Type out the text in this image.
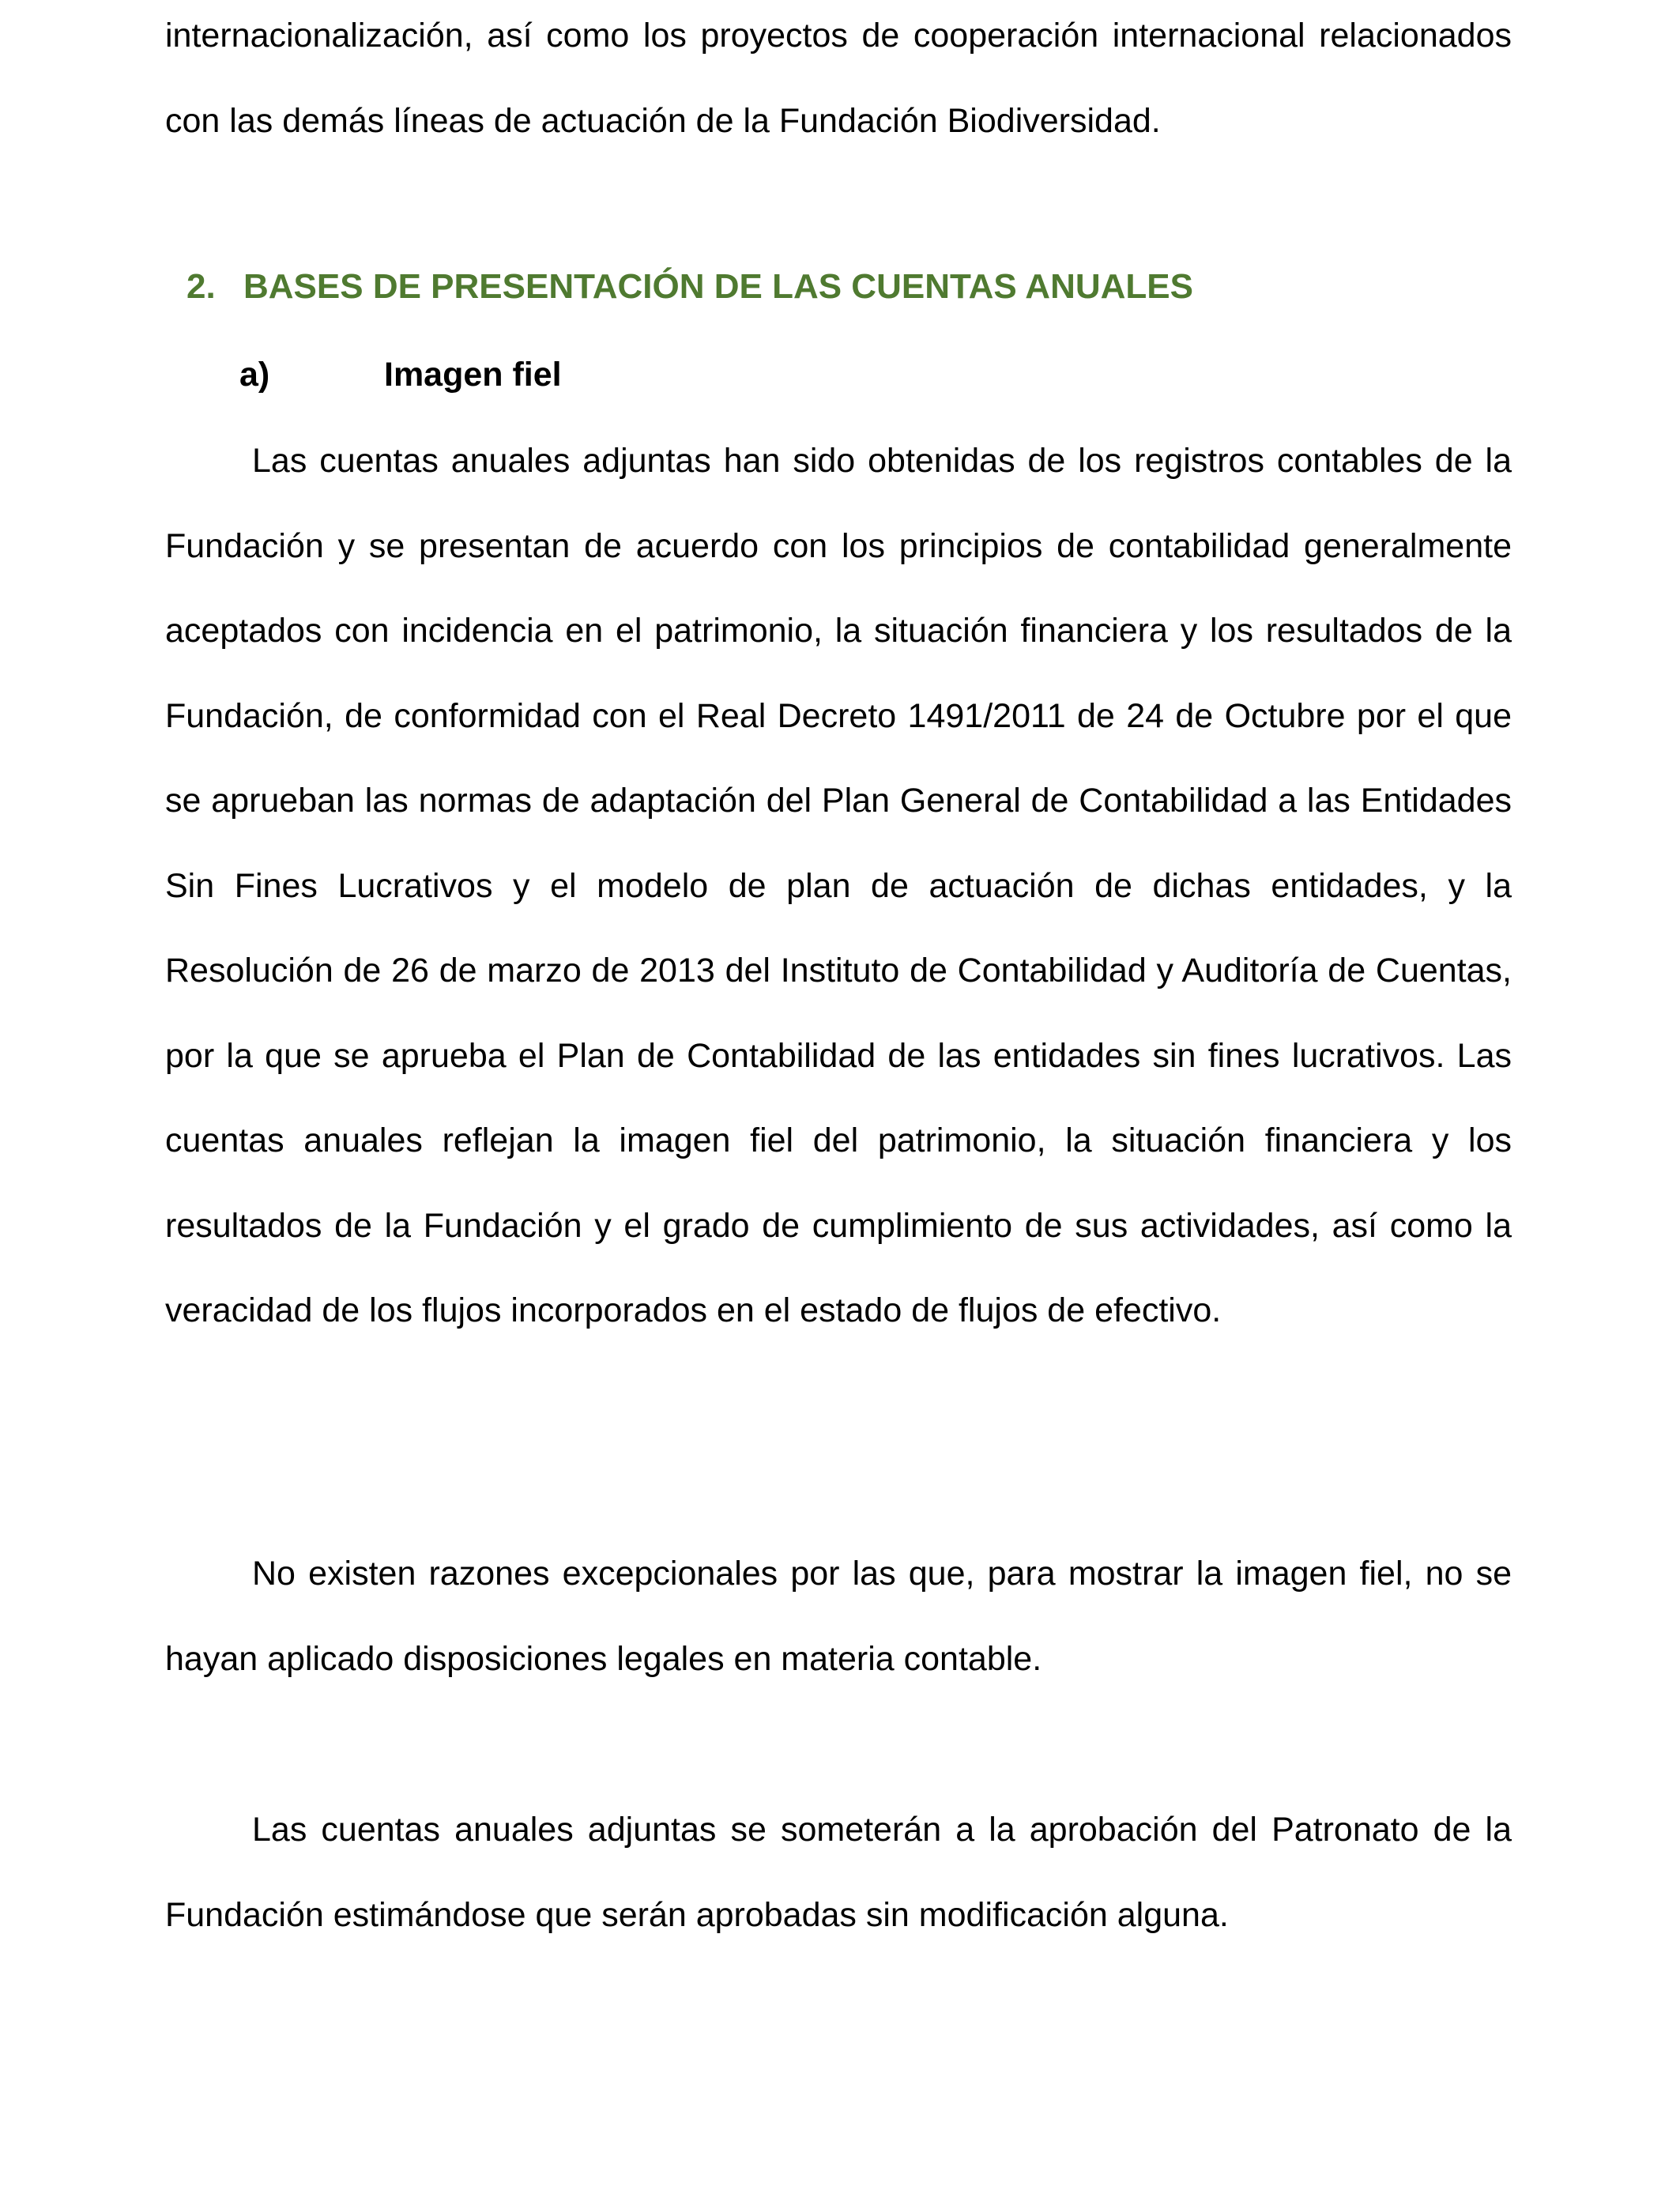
internacionalización, así como los proyectos de cooperación internacional relacionados con las demás líneas de actuación de la Fundación Biodiversidad.

2. BASES DE PRESENTACIÓN DE LAS CUENTAS ANUALES
a)	Imagen fiel

Las cuentas anuales adjuntas han sido obtenidas de los registros contables de la Fundación y se presentan de acuerdo con los principios de contabilidad generalmente aceptados con incidencia en el patrimonio, la situación financiera y los resultados de la Fundación, de conformidad con el Real Decreto 1491/2011 de 24 de Octubre por el que se aprueban las normas de adaptación del Plan General de Contabilidad a las Entidades Sin Fines Lucrativos y el modelo de plan de actuación de dichas entidades, y la Resolución de 26 de marzo de 2013 del Instituto de Contabilidad y Auditoría de Cuentas, por la que se aprueba el Plan de Contabilidad de las entidades sin fines lucrativos. Las cuentas anuales reflejan la imagen fiel del patrimonio, la situación financiera y los resultados de la Fundación y el grado de cumplimiento de sus actividades, así como la veracidad de los flujos incorporados en el estado de flujos de efectivo.

No existen razones excepcionales por las que, para mostrar la imagen fiel, no se hayan aplicado disposiciones legales en materia contable.

Las cuentas anuales adjuntas se someterán a la aprobación del Patronato de la Fundación estimándose que serán aprobadas sin modificación alguna.
